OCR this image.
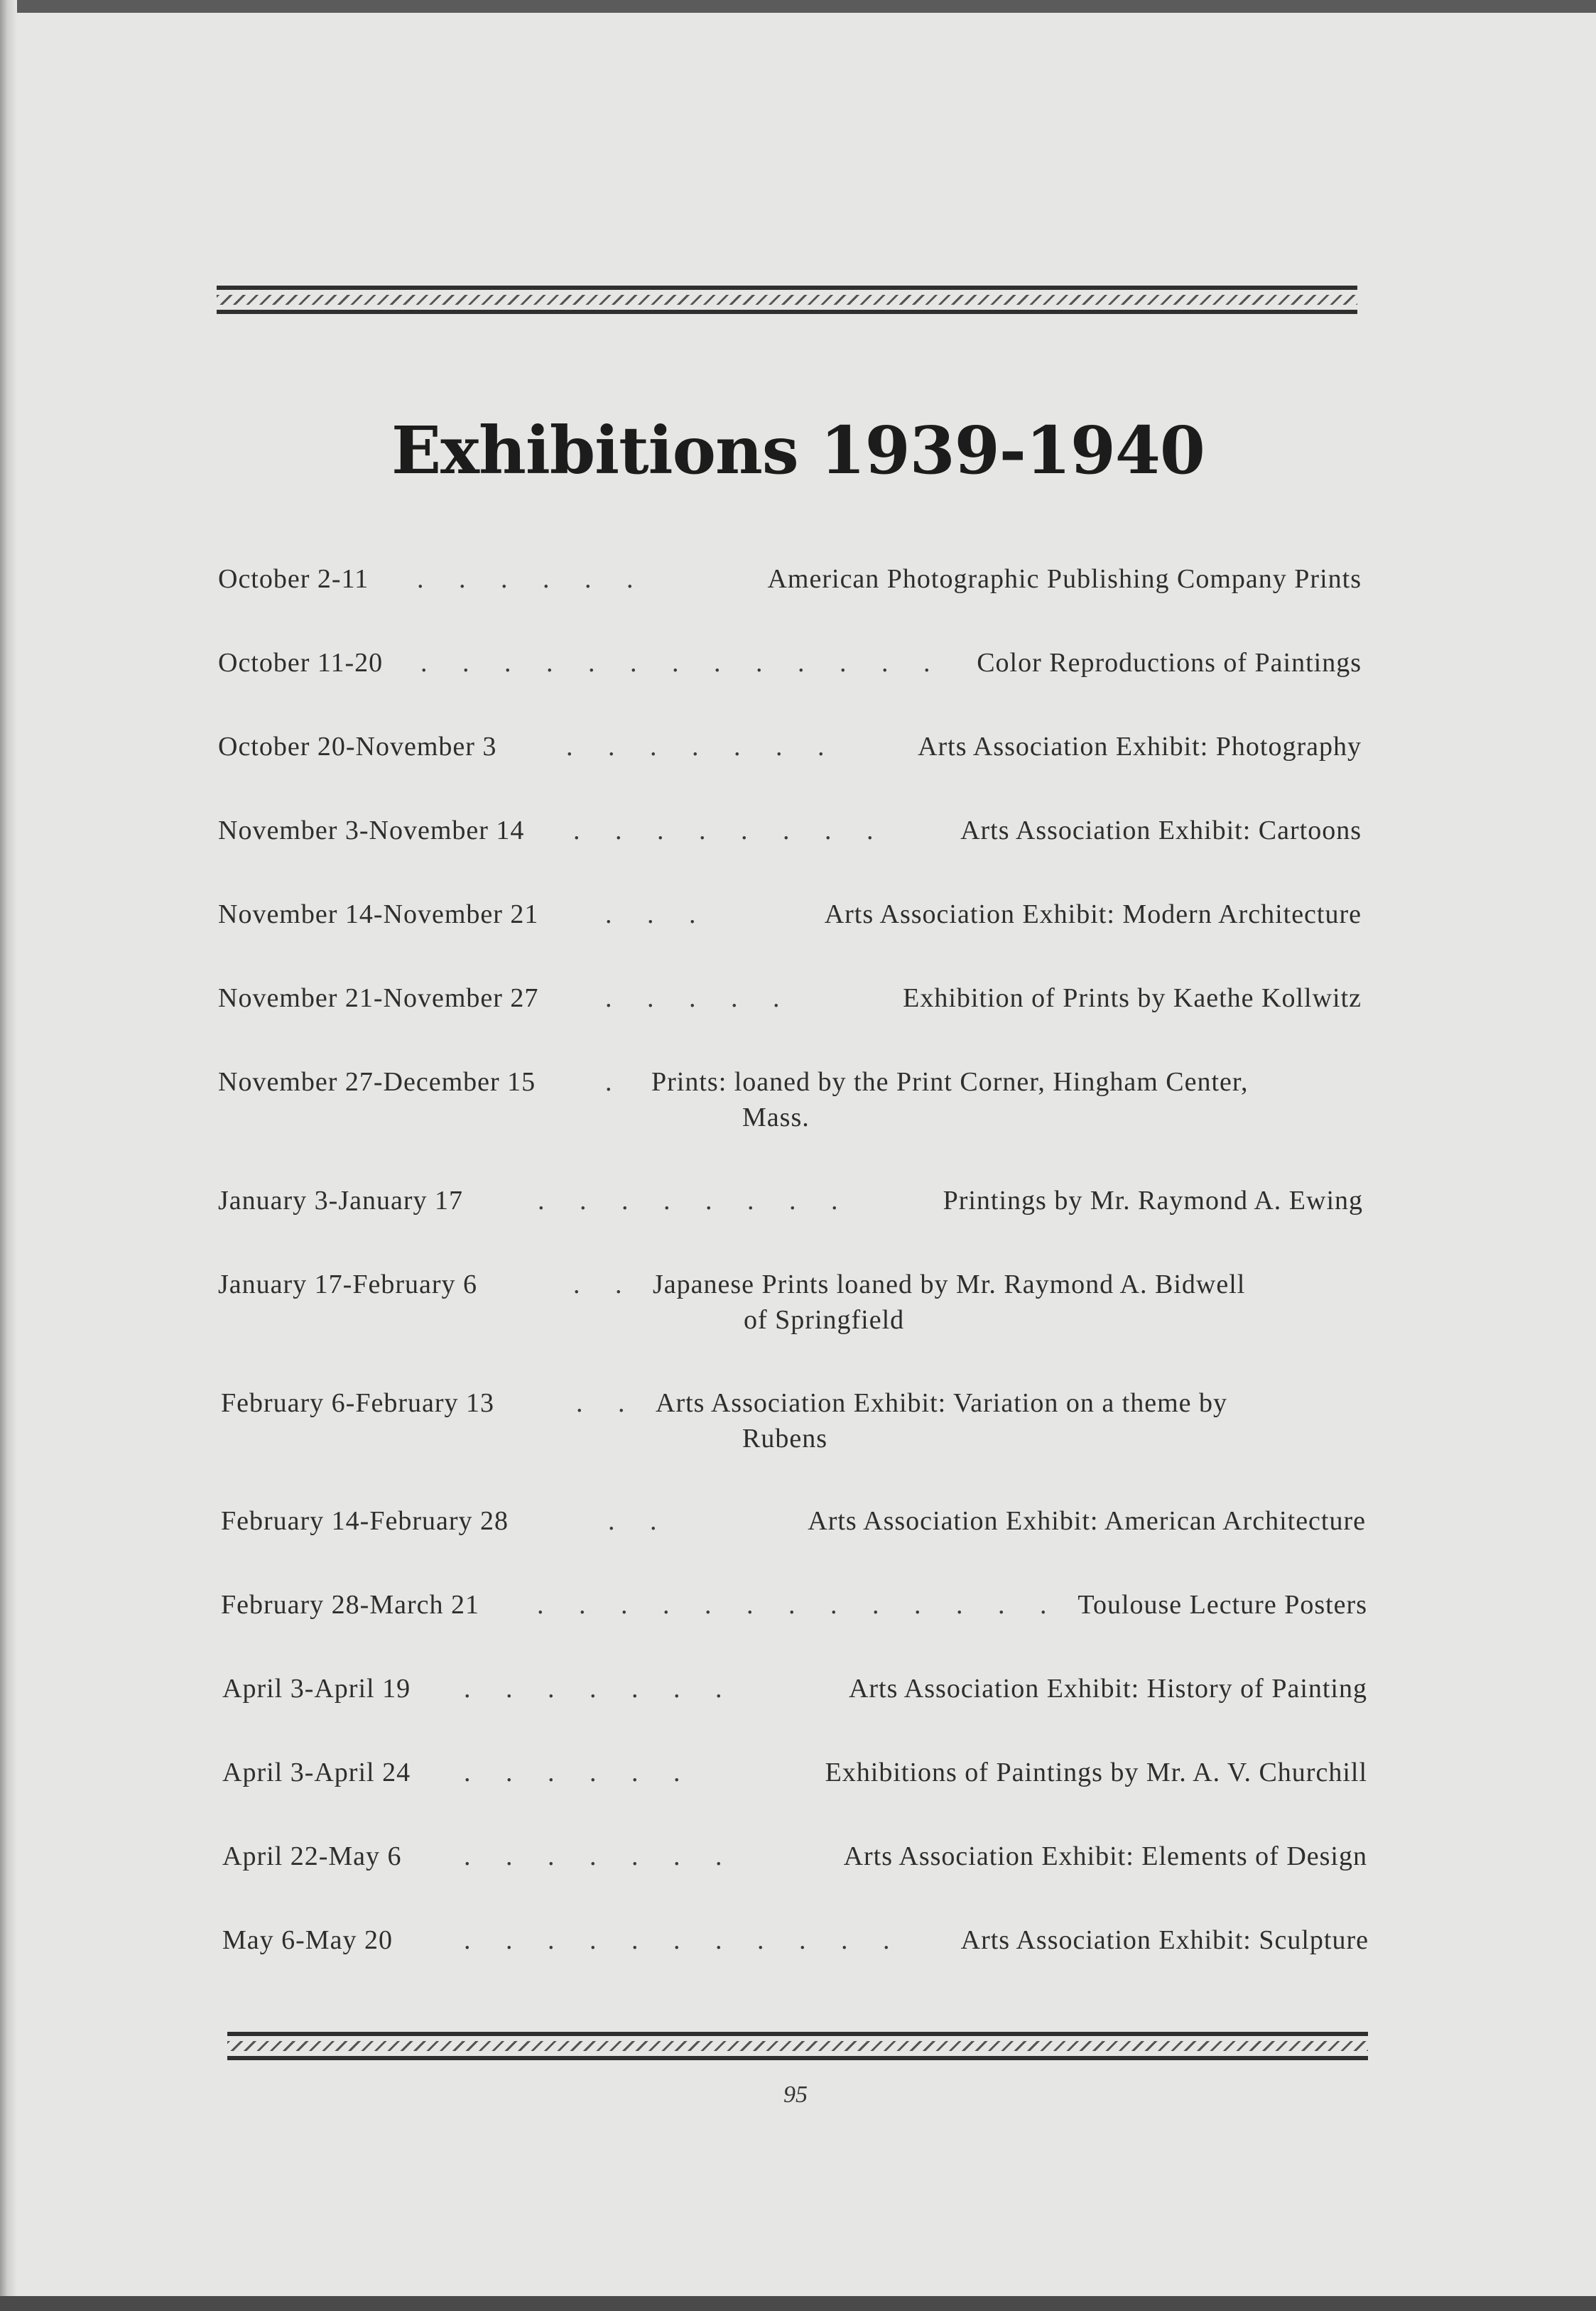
Exhibitions 1939-1940
October 2-11 . . . . . .	American Photographic Publishing Company Prints
October 11-20 . . . . . . . . . . . . .	Color Reproductions of Paintings
October 20-November 3	. . . . . . .	Arts Association Exhibit: Photography
November 3-November 14 . . . . . . . .	Arts Association Exhibit: Cartoons
November 14-November 21 . . .	Arts Association Exhibit: Modern Architecture
November 21-November 27 . . . . .	Exhibition of Prints by Kaethe Kollwitz
November 27-December 15	. Prints: loaned by the Print Corner, Hingham Center,
Mass.
January 3-January 17	. . . . . . . .	Printings by Mr. Raymond A. Ewing
January 17-February 6	. . Japanese Prints loaned by Mr. Raymond A. Bidwell
of Springfield
February 6-February 13	. . Arts Association Exhibit: Variation on a theme by
Rubens
February 14-February 28	. .	Arts Association Exhibit: American Architecture
February 28-March 21 . . . . . . . . . . . . . Toulouse Lecture Posters
April 3-April 19 . . . . . . .	Arts Association Exhibit: History of Painting
April 3-April 24 . . . . . .	Exhibitions of Paintings by Mr. A. V. Churchill
April 22-May 6 . . . . . . .	Arts Association Exhibit: Elements of Design
May 6-May 20	. . . . . . . . . . .	Arts Association Exhibit: Sculpture
95
